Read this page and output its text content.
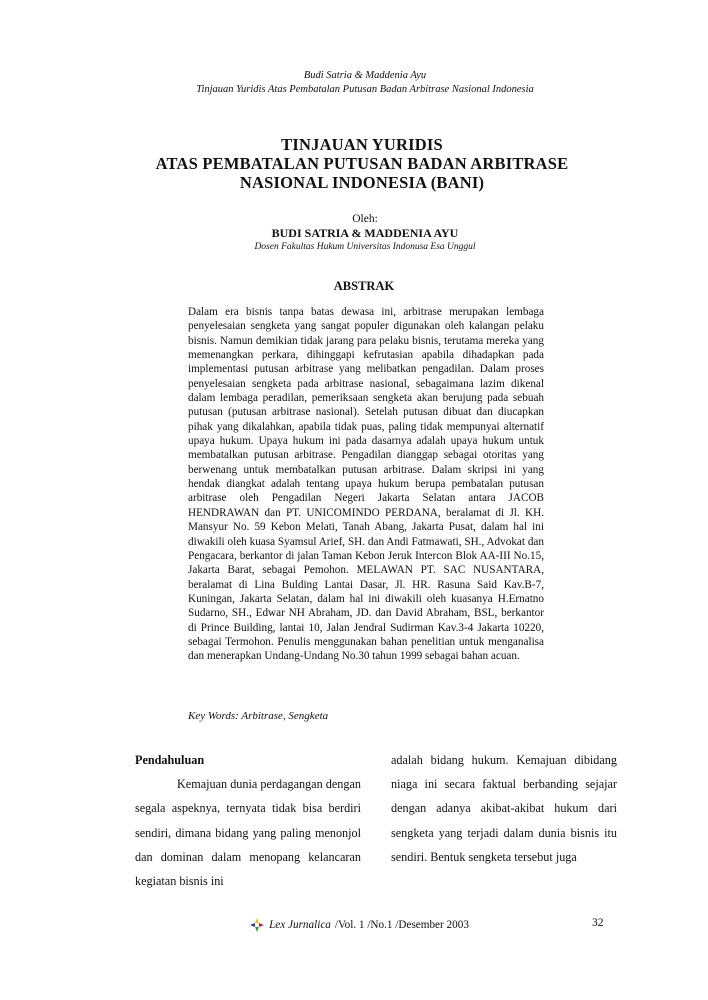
Budi Satria & Maddenia Ayu
Tinjauan Yuridis Atas Pembatalan Putusan Badan Arbitrase Nasional Indonesia
TINJAUAN YURIDIS
ATAS PEMBATALAN PUTUSAN BADAN ARBITRASE
NASIONAL INDONESIA (BANI)
Oleh:
BUDI SATRIA & MADDENIA AYU
Dosen Fakultas Hukum Universitas Indonusa Esa Unggul
ABSTRAK
Dalam era bisnis tanpa batas dewasa ini, arbitrase merupakan lembaga penyelesaian sengketa yang sangat populer digunakan oleh kalangan pelaku bisnis. Namun demikian tidak jarang para pelaku bisnis, terutama mereka yang memenangkan perkara, dihinggapi kefrutasian apabila dihadapkan pada implementasi putusan arbitrase yang melibatkan pengadilan. Dalam proses penyelesaian sengketa pada arbitrase nasional, sebagaimana lazim dikenal dalam lembaga peradilan, pemeriksaan sengketa akan berujung pada sebuah putusan (putusan arbitrase nasional). Setelah putusan dibuat dan diucapkan pihak yang dikalahkan, apabila tidak puas, paling tidak mempunyai alternatif upaya hukum. Upaya hukum ini pada dasarnya adalah upaya hukum untuk membatalkan putusan arbitrase. Pengadilan dianggap sebagai otoritas yang berwenang untuk membatalkan putusan arbitrase. Dalam skripsi ini yang hendak diangkat adalah tentang upaya hukum berupa pembatalan putusan arbitrase oleh Pengadilan Negeri Jakarta Selatan antara JACOB HENDRAWAN dan PT. UNICOMINDO PERDANA, beralamat di Jl. KH. Mansyur No. 59 Kebon Melati, Tanah Abang, Jakarta Pusat, dalam hal ini diwakili oleh kuasa Syamsul Arief, SH. dan Andi Fatmawati, SH., Advokat dan Pengacara, berkantor di jalan Taman Kebon Jeruk Intercon Blok AA-III No.15, Jakarta Barat, sebagai Pemohon. MELAWAN PT. SAC NUSANTARA, beralamat di Lina Bulding Lantai Dasar, Jl. HR. Rasuna Said Kav.B-7, Kuningan, Jakarta Selatan, dalam hal ini diwakili oleh kuasanya H.Ernatno Sudarno, SH., Edwar NH Abraham, JD. dan David Abraham, BSL, berkantor di Prince Building, lantai 10, Jalan Jendral Sudirman Kav.3-4 Jakarta 10220, sebagai Termohon. Penulis menggunakan bahan penelitian untuk menganalisa dan menerapkan Undang-Undang No.30 tahun 1999 sebagai bahan acuan.
Key Words: Arbitrase, Sengketa
Pendahuluan
Kemajuan dunia perdagangan dengan segala aspeknya, ternyata tidak bisa berdiri sendiri, dimana bidang yang paling menonjol dan dominan dalam menopang kelancaran kegiatan bisnis ini
adalah bidang hukum. Kemajuan dibidang niaga ini secara faktual berbanding sejajar dengan adanya akibat-akibat hukum dari sengketa yang terjadi dalam dunia bisnis itu sendiri. Bentuk sengketa tersebut juga
Lex Jurnalica /Vol. 1 /No.1 /Desember 2003	32
